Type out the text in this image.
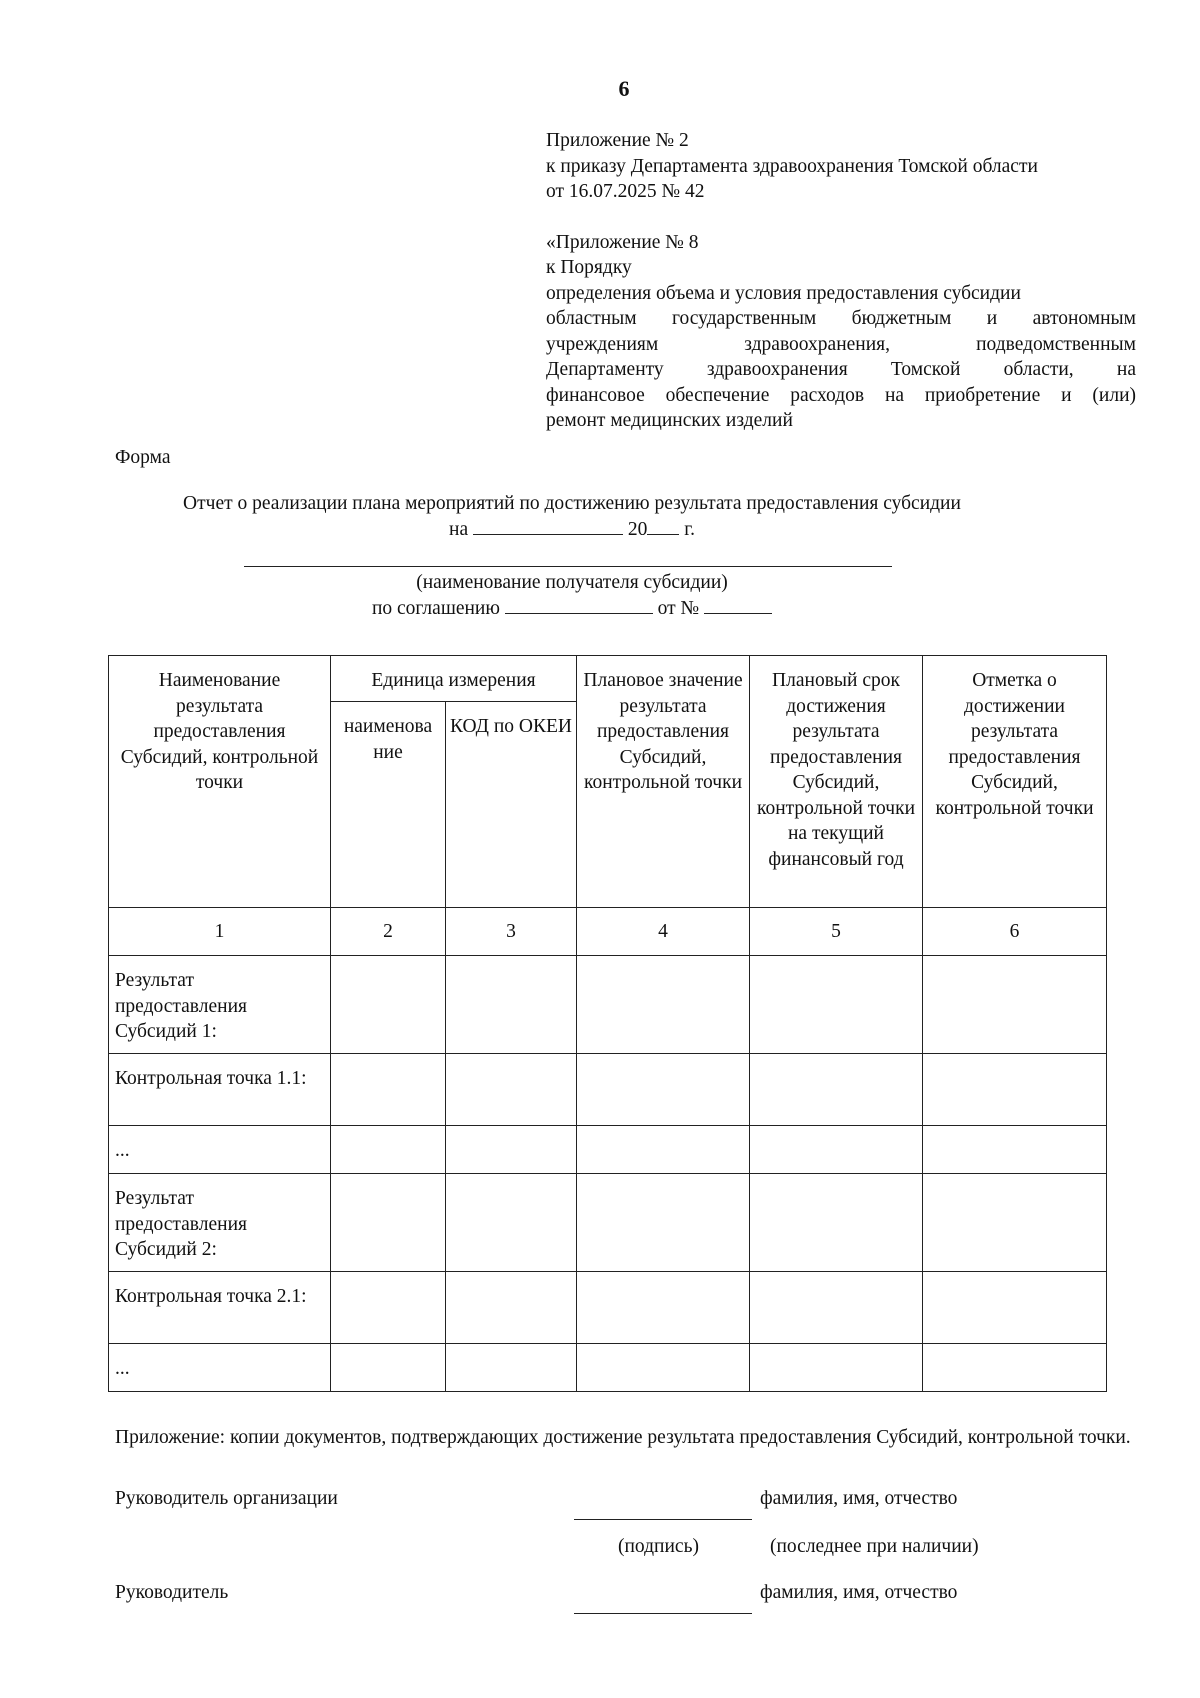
6
Приложение № 2
к приказу Департамента здравоохранения Томской области
от 16.07.2025 № 42
«Приложение № 8
к Порядку
определения объема и условия предоставления субсидии
областным государственным бюджетным и автономным
учреждениям здравоохранения, подведомственным
Департаменту здравоохранения Томской области, на
финансовое обеспечение расходов на приобретение и (или)
ремонт медицинских изделий
Форма
Отчет о реализации плана мероприятий по достижению результата предоставления субсидии
на	20 г.
(наименование получателя субсидии)
по соглашению	от №
Наименование результата предоставления Субсидий, контрольной точки	Единица измерения		Плановое значение результата предоставления Субсидий, контрольной точки	Плановый срок достижения результата предоставления Субсидий, контрольной точки на текущий финансовый год	Отметка о достижении результата предоставления Субсидий, контрольной точки
	наименова ние	КОД по ОКЕИ			
1	2	3	4	5	6
Результат предоставления Субсидий 1:					
Контрольная точка 1.1:					
...					
Результат предоставления Субсидий 2:					
Контрольная точка 2.1:					
...					
Приложение: копии документов, подтверждающих достижение результата предоставления Субсидий, контрольной точки.
Руководитель организации	фамилия, имя, отчество
(подпись)	(последнее при наличии)
Руководитель	фамилия, имя, отчество
